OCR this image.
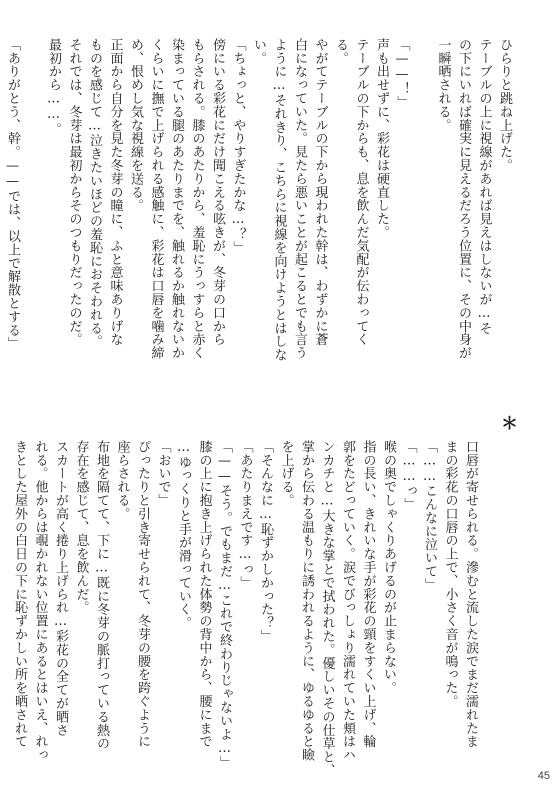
ひらりと跳ね上げた。

テーブルの上に視線があれば見えはしないが…そ

の下にいれば確実に見えるだろう位置に、その中身が

一瞬晒される。

「——！」

声も出せずに、彩花は硬直した。

テーブルの下からも、息を飲んだ気配が伝わってく

る。

やがてテーブルの下から現われた幹は、わずかに蒼

白になっていた。見たら悪いことが起こるとでも言う

ように…それきり、こちらに視線を向けようとはしな

い。

「ちょっと、やりすぎたかな…？」

傍にいる彩花にだけ聞こえる呟きが、冬芽の口から

もらされる。膝のあたりから、羞恥にうっすらと赤く

染まっている腿のあたりまでを、触れるか触れないか

くらいに撫で上げられる感触に、彩花は口唇を噛み締

め、恨めし気な視線を送る。

正面から自分を見た冬芽の瞳に、ふと意味ありげな

ものを感じて…泣きたいほどの羞恥におそわれる。

それでは、冬芽は最初からそのつもりだったのだ。

最初から……。

「ありがとう、幹。——では、以上で解散とする」

＊

口唇が寄せられる。滲むと流した涙でまだ濡れたま

まの彩花の口唇の上で、小さく音が鳴った。

「……こんなに泣いて」

「……っ」

喉の奥でしゃくりあげるのが止まらない。

指の長い、きれいな手が彩花の頸をすくい上げ、輪

郭をたどっていく。涙でびっしょり濡れていた頬はハ

ンカチと…大きな掌とで拭われた。優しいその仕草と、

掌から伝わる温もりに誘われるように、ゆるゆると瞼

を上げる。

「そんなに…恥ずかしかった？」

「あたりまえです…っ」

「——そう。でもまだ…これで終わりじゃないよ…」

膝の上に抱き上げられた体勢の背中から、腰にまで

…ゆっくりと手が滑っていく。

「おいで」

ぴったりと引き寄せられて、冬芽の腰を跨ぐように

座らされる。

布地を隔てて、下に…既に冬芽の脈打っている熱の

存在を感じて、息を飲んだ。

スカートが高く捲り上げられ…彩花の全てが晒さ

れる。他からは覗かれない位置にあるとはいえ、れっ

きとした屋外の白日の下に恥ずかしい所を晒されて

45
